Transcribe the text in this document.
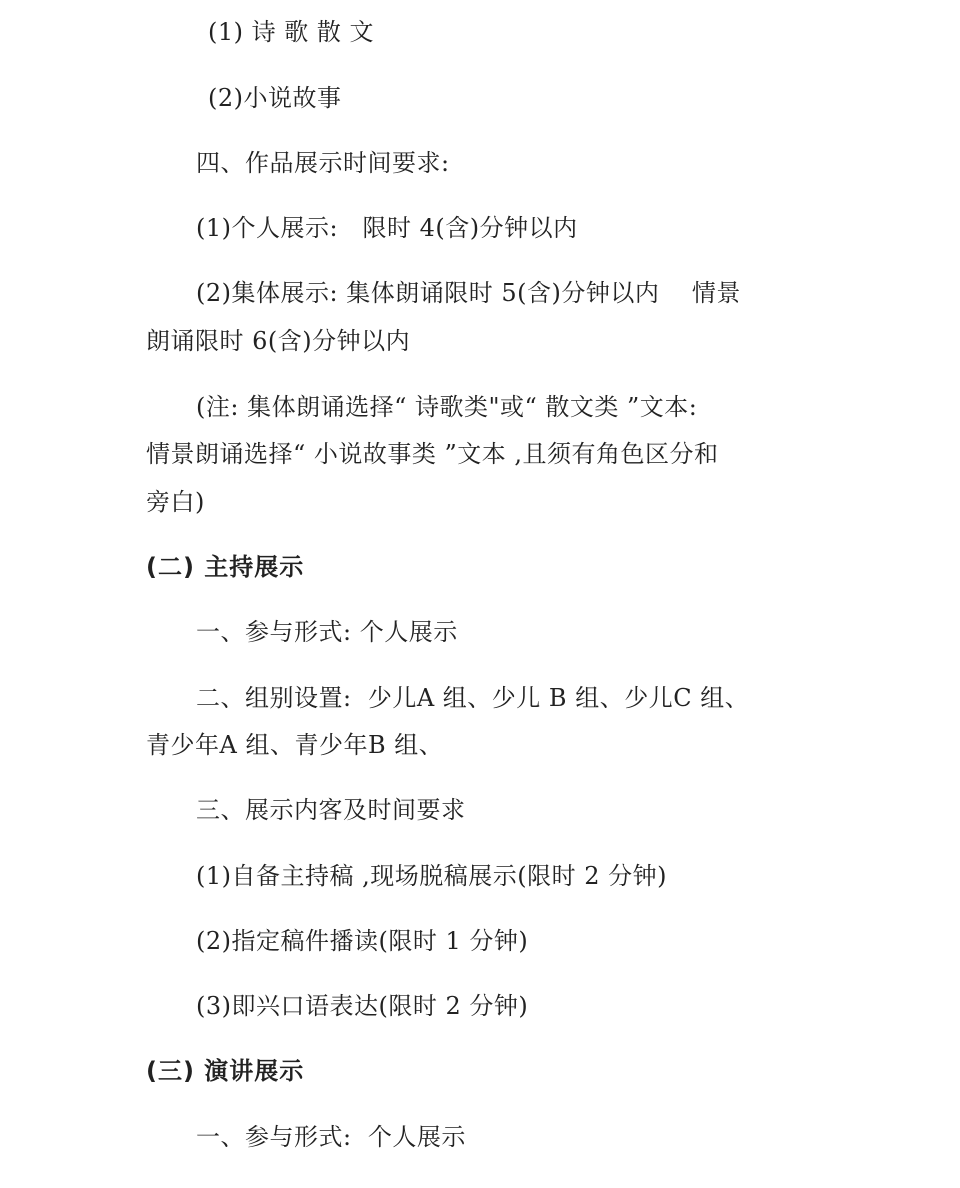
(1) 诗 歌 散 文
(2)小说故事
四、作品展示时间要求:
(1)个人展示:   限时 4(含)分钟以内
(2)集体展示: 集体朗诵限时 5(含)分钟以内    情景
朗诵限时 6(含)分钟以内
(注: 集体朗诵选择“ 诗歌类"或“ 散文类 ”文本:
情景朗诵选择“ 小说故事类 ”文本 ,且须有角色区分和
旁白)
(二) 主持展示
一、参与形式: 个人展示
二、组别设置:  少儿A 组、少儿 B 组、少儿C 组、
青少年A 组、青少年B 组、
三、展示内客及时间要求
(1)自备主持稿 ,现场脱稿展示(限时 2 分钟)
(2)指定稿件播读(限时 1 分钟)
(3)即兴口语表达(限时 2 分钟)
(三) 演讲展示
一、参与形式:  个人展示
